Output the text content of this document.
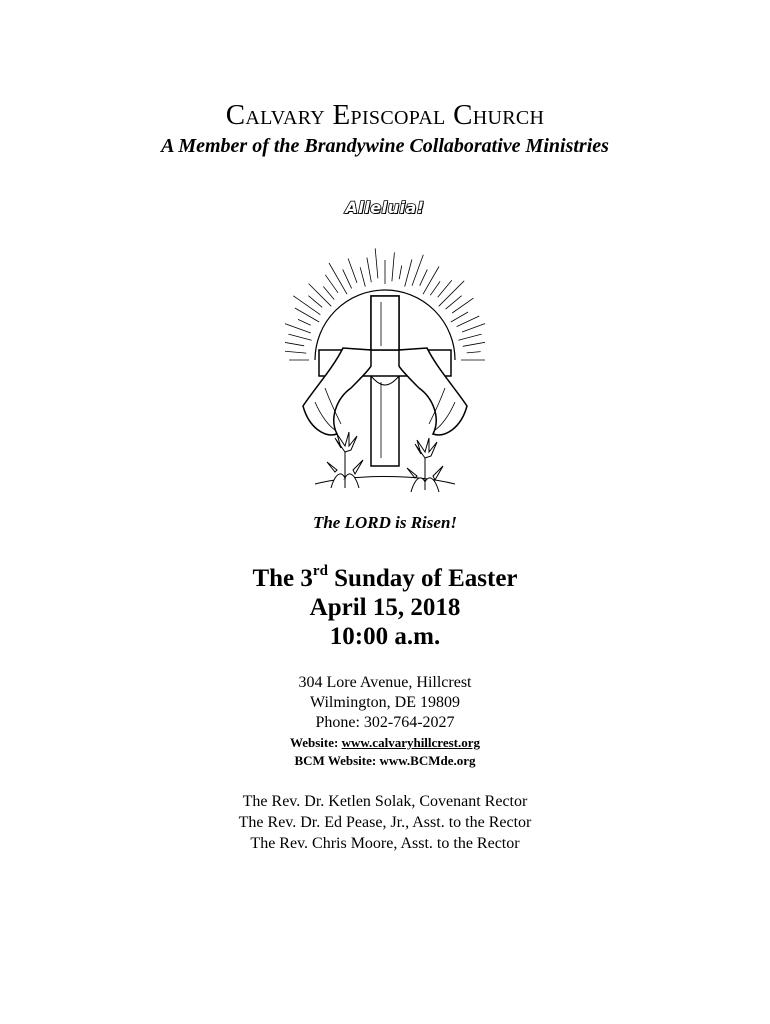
Calvary Episcopal Church
A Member of the Brandywine Collaborative Ministries
Alleluia!
The LORD is Risen!
The 3rd Sunday of Easter
April 15, 2018
10:00 a.m.
304 Lore Avenue, Hillcrest
Wilmington, DE 19809
Phone: 302-764-2027
Website: www.calvaryhillcrest.org
BCM Website: www.BCMde.org
The Rev. Dr. Ketlen Solak, Covenant Rector
The Rev. Dr. Ed Pease, Jr., Asst. to the Rector
The Rev. Chris Moore, Asst. to the Rector
